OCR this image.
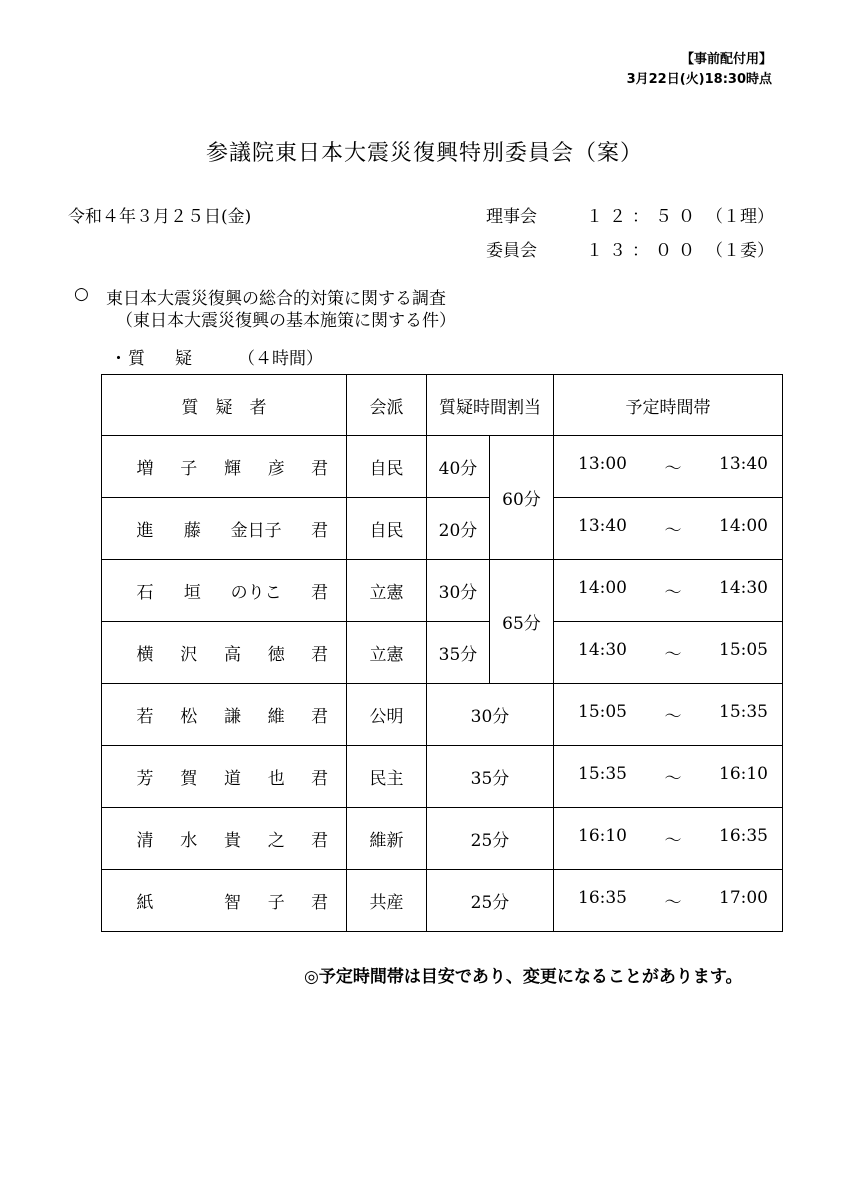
【事前配付用】
3月22日(火)18:30時点
参議院東日本大震災復興特別委員会（案）
令和４年３月２５日(金)	理事会	１２：５０ （１理）
委員会	１３：００ （１委）
○ 東日本大震災復興の総合的対策に関する調査
（東日本大震災復興の基本施策に関する件）
・ 質疑 （４時間）
質　疑　者	会派	質疑時間割当		予定時間帯

増 子 輝 彦 君	自民	40分	60分	13:00 ～ 13:40

進 藤 金日子 君	自民	20分		13:40 ～ 14:00

石 垣 のりこ 君	立憲	30分	65分	14:00 ～ 14:30

横 沢 高 徳 君	立憲	35分		14:30 ～ 15:05

若 松 謙 維 君	公明	30分		15:05 ～ 15:35

芳 賀 道 也 君	民主	35分		15:35 ～ 16:10

清 水 貴 之 君	維新	25分		16:10 ～ 16:35

紙 智 子 君	共産	25分		16:35 ～ 17:00
◎予定時間帯は目安であり、変更になることがあります。
